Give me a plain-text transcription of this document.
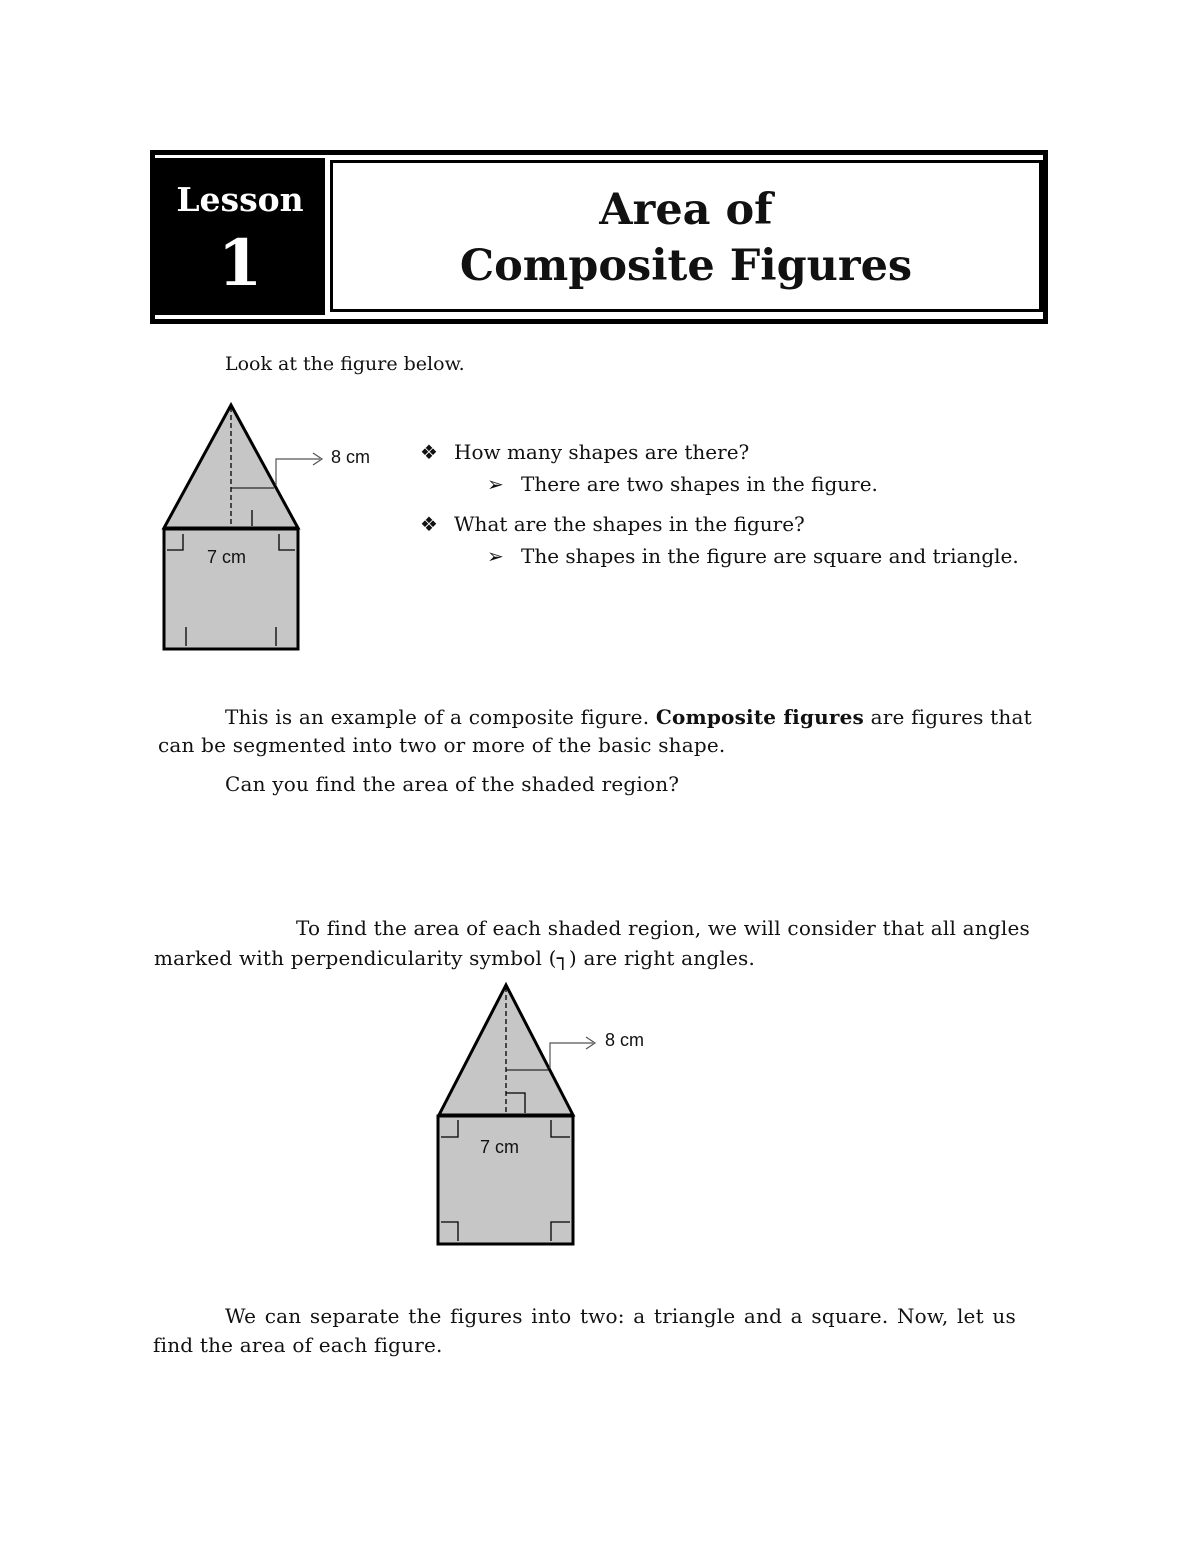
Lesson
1
Area of
Composite Figures
Look at the figure below.
8 cm
7 cm
❖ How many shapes are there?
➢ There are two shapes in the figure.
❖ What are the shapes in the figure?
➢ The shapes in the figure are square and triangle.
This is an example of a composite figure. Composite figures are figures that
can be segmented into two or more of the basic shape.
Can you find the area of the shaded region?
To find the area of each shaded region, we will consider that all angles
marked with perpendicularity symbol (┐) are right angles.
8 cm
7 cm
We can separate the figures into two: a triangle and a square. Now, let us
find the area of each figure.
